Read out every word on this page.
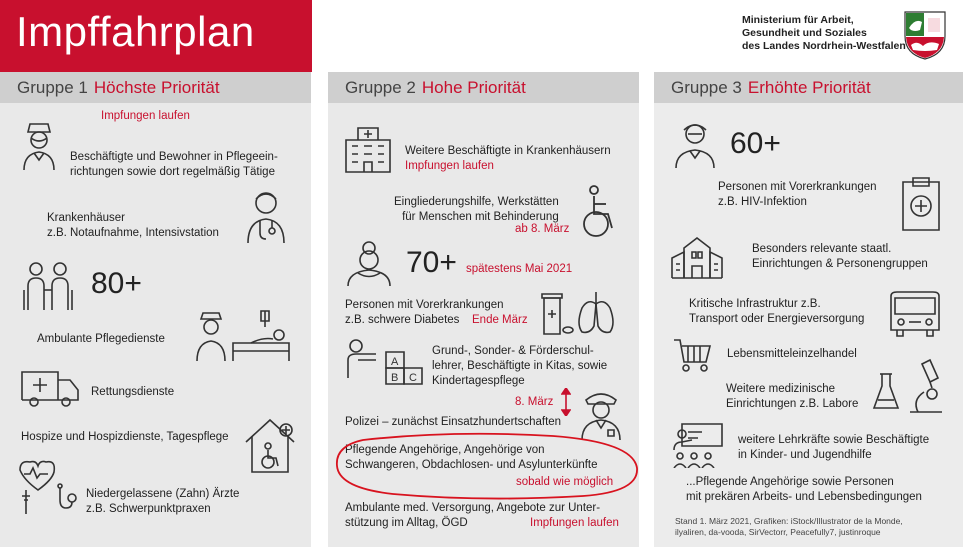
Impffahrplan	Ministerium für Arbeit,
Gesundheit und Soziales
des Landes Nordrhein-Westfalen
Gruppe 1 Höchste Priorität
Impfungen laufen
Beschäftigte und Bewohner in Pflegeein-
richtungen sowie dort regelmäßig Tätige
Krankenhäuser
z.B. Notaufnahme, Intensivstation
80+
Ambulante Pflegedienste
Rettungsdienste
Hospize und Hospizdienste, Tagespflege
Niedergelassene (Zahn) Ärzte
z.B. Schwerpunktpraxen
Gruppe 2 Hohe Priorität
Weitere Beschäftigte in Krankenhäusern
Impfungen laufen
Eingliederungshilfe, Werkstätten
für Menschen mit Behinderung
ab 8. März
70+ spätestens Mai 2021
Personen mit Vorerkrankungen
z.B. schwere Diabetes	Ende März
A
B C
Grund-, Sonder- & Förderschul-
lehrer, Beschäftigte in Kitas, sowie
Kindertagespflege
8. März
Polizei – zunächst Einsatzhundertschaften
Pflegende Angehörige, Angehörige von
Schwangeren, Obdachlosen- und Asylunterkünfte
sobald wie möglich
Ambulante med. Versorgung, Angebote zur Unter-
stützung im Alltag, ÖGD	Impfungen laufen
Gruppe 3 Erhöhte Priorität
60+
Personen mit Vorerkrankungen
z.B. HIV-Infektion
Besonders relevante staatl.
Einrichtungen & Personengruppen
Kritische Infrastruktur z.B.
Transport oder Energieversorgung
Lebensmitteleinzelhandel
Weitere medizinische
Einrichtungen z.B. Labore
weitere Lehrkräfte sowie Beschäftigte
in Kinder- und Jugendhilfe
...Pflegende Angehörige sowie Personen
mit prekären Arbeits- und Lebensbedingungen
Stand 1. März 2021, Grafiken: iStock/Illustrator de la Monde,
ilyaliren, da-vooda, SirVectorr, Peacefully7, justinroque
